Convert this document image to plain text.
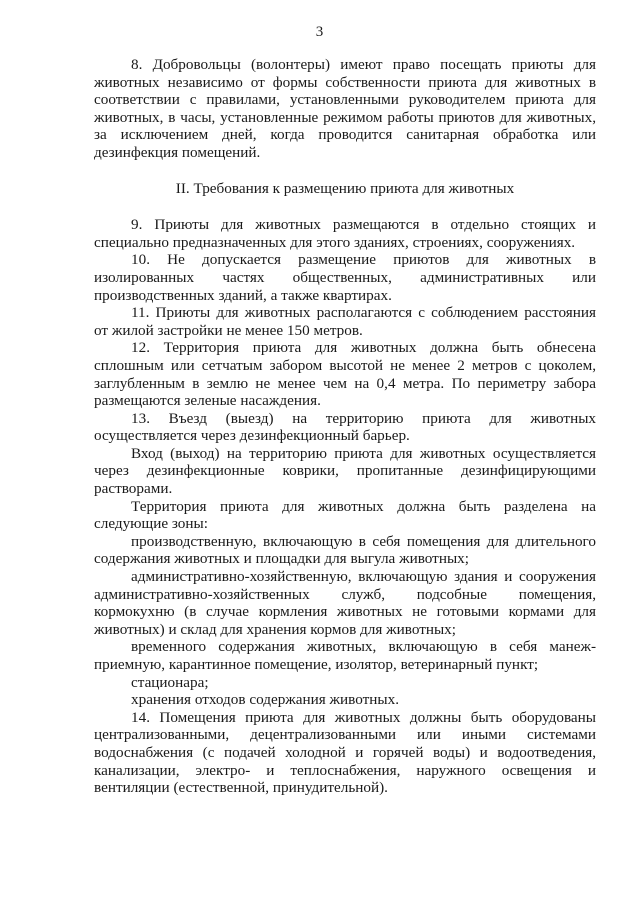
3

8. Добровольцы (волонтеры) имеют право посещать приюты для животных независимо от формы собственности приюта для животных в соответствии с правилами, установленными руководителем приюта для животных, в часы, установленные режимом работы приютов для животных, за исключением дней, когда проводится санитарная обработка или дезинфекция помещений.

II. Требования к размещению приюта для животных

9. Приюты для животных размещаются в отдельно стоящих и специально предназначенных для этого зданиях, строениях, сооружениях.

10. Не допускается размещение приютов для животных в изолированных частях общественных, административных или производственных зданий, а также квартирах.

11. Приюты для животных располагаются с соблюдением расстояния от жилой застройки не менее 150 метров.

12. Территория приюта для животных должна быть обнесена сплошным или сетчатым забором высотой не менее 2 метров с цоколем, заглубленным в землю не менее чем на 0,4 метра. По периметру забора размещаются зеленые насаждения.

13. Въезд (выезд) на территорию приюта для животных осуществляется через дезинфекционный барьер.

Вход (выход) на территорию приюта для животных осуществляется через дезинфекционные коврики, пропитанные дезинфицирующими растворами.

Территория приюта для животных должна быть разделена на следующие зоны:

производственную, включающую в себя помещения для длительного содержания животных и площадки для выгула животных;

административно-хозяйственную, включающую здания и сооружения административно-хозяйственных служб, подсобные помещения, кормокухню (в случае кормления животных не готовыми кормами для животных) и склад для хранения кормов для животных;

временного содержания животных, включающую в себя манеж-приемную, карантинное помещение, изолятор, ветеринарный пункт;

стационара;

хранения отходов содержания животных.

14. Помещения приюта для животных должны быть оборудованы централизованными, децентрализованными или иными системами водоснабжения (с подачей холодной и горячей воды) и водоотведения, канализации, электро- и теплоснабжения, наружного освещения и вентиляции (естественной, принудительной).
